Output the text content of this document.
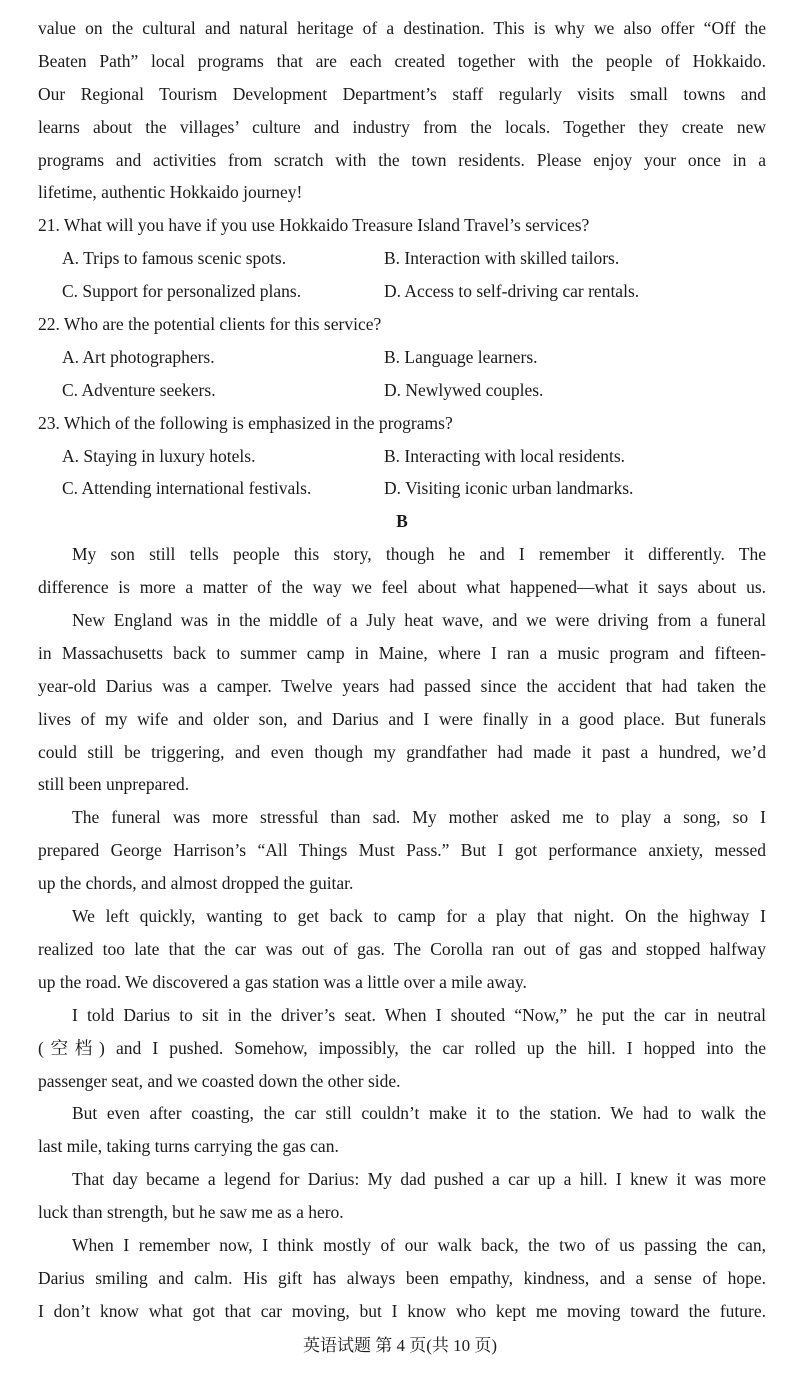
value on the cultural and natural heritage of a destination. This is why we also offer “Off the
Beaten Path” local programs that are each created together with the people of Hokkaido.
Our Regional Tourism Development Department’s staff regularly visits small towns and
learns about the villages’ culture and industry from the locals. Together they create new
programs and activities from scratch with the town residents. Please enjoy your once in a
lifetime, authentic Hokkaido journey!
21. What will you have if you use Hokkaido Treasure Island Travel’s services?
A. Trips to famous scenic spots.	B. Interaction with skilled tailors.
C. Support for personalized plans.	D. Access to self-driving car rentals.
22. Who are the potential clients for this service?
A. Art photographers.	B. Language learners.
C. Adventure seekers.	D. Newlywed couples.
23. Which of the following is emphasized in the programs?
A. Staying in luxury hotels.	B. Interacting with local residents.
C. Attending international festivals.	D. Visiting iconic urban landmarks.
B
My son still tells people this story, though he and I remember it differently. The
difference is more a matter of the way we feel about what happened—what it says about us.
New England was in the middle of a July heat wave, and we were driving from a funeral
in Massachusetts back to summer camp in Maine, where I ran a music program and fifteen-
year-old Darius was a camper. Twelve years had passed since the accident that had taken the
lives of my wife and older son, and Darius and I were finally in a good place. But funerals
could still be triggering, and even though my grandfather had made it past a hundred, we’d
still been unprepared.
The funeral was more stressful than sad. My mother asked me to play a song, so I
prepared George Harrison’s “All Things Must Pass.” But I got performance anxiety, messed
up the chords, and almost dropped the guitar.
We left quickly, wanting to get back to camp for a play that night. On the highway I
realized too late that the car was out of gas. The Corolla ran out of gas and stopped halfway
up the road. We discovered a gas station was a little over a mile away.
I told Darius to sit in the driver’s seat. When I shouted “Now,” he put the car in neutral
(空档) and I pushed. Somehow, impossibly, the car rolled up the hill. I hopped into the
passenger seat, and we coasted down the other side.
But even after coasting, the car still couldn’t make it to the station. We had to walk the
last mile, taking turns carrying the gas can.
That day became a legend for Darius: My dad pushed a car up a hill. I knew it was more
luck than strength, but he saw me as a hero.
When I remember now, I think mostly of our walk back, the two of us passing the can,
Darius smiling and calm. His gift has always been empathy, kindness, and a sense of hope.
I don’t know what got that car moving, but I know who kept me moving toward the future.
英语试题 第 4 页(共 10 页)
